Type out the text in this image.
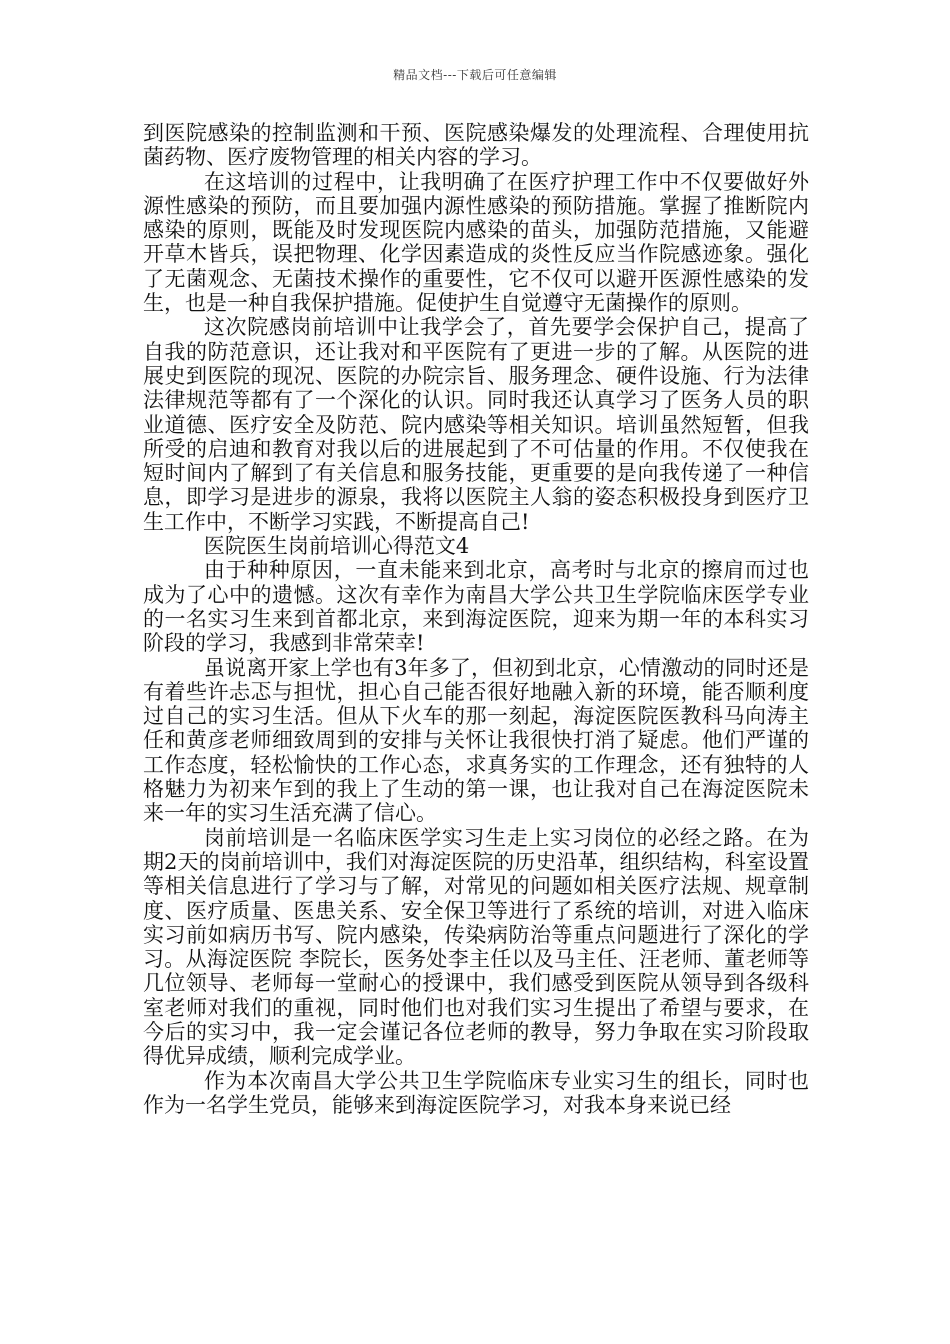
精品文档---下载后可任意编辑

到医院感染的控制监测和干预、医院感染爆发的处理流程、合理使用抗菌药物、医疗废物管理的相关内容的学习。

在这培训的过程中，让我明确了在医疗护理工作中不仅要做好外源性感染的预防，而且要加强内源性感染的预防措施。掌握了推断院内感染的原则，既能及时发现医院内感染的苗头，加强防范措施，又能避开草木皆兵，误把物理、化学因素造成的炎性反应当作院感迹象。强化了无菌观念、无菌技术操作的重要性，它不仅可以避开医源性感染的发生，也是一种自我保护措施。促使护生自觉遵守无菌操作的原则。

这次院感岗前培训中让我学会了，首先要学会保护自己，提高了自我的防范意识，还让我对和平医院有了更进一步的了解。从医院的进展史到医院的现况、医院的办院宗旨、服务理念、硬件设施、行为法律法律规范等都有了一个深化的认识。同时我还认真学习了医务人员的职业道德、医疗安全及防范、院内感染等相关知识。培训虽然短暂，但我所受的启迪和教育对我以后的进展起到了不可估量的作用。不仅使我在短时间内了解到了有关信息和服务技能，更重要的是向我传递了一种信息，即学习是进步的源泉，我将以医院主人翁的姿态积极投身到医疗卫生工作中，不断学习实践，不断提高自己!

医院医生岗前培训心得范文4

由于种种原因，一直未能来到北京，高考时与北京的擦肩而过也成为了心中的遗憾。这次有幸作为南昌大学公共卫生学院临床医学专业的一名实习生来到首都北京，来到海淀医院，迎来为期一年的本科实习阶段的学习，我感到非常荣幸!

虽说离开家上学也有3年多了，但初到北京，心情激动的同时还是有着些许忐忑与担忧，担心自己能否很好地融入新的环境，能否顺利度过自己的实习生活。但从下火车的那一刻起，海淀医院医教科马向涛主任和黄彦老师细致周到的安排与关怀让我很快打消了疑虑。他们严谨的工作态度，轻松愉快的工作心态，求真务实的工作理念，还有独特的人格魅力为初来乍到的我上了生动的第一课，也让我对自己在海淀医院未来一年的实习生活充满了信心。

岗前培训是一名临床医学实习生走上实习岗位的必经之路。在为期2天的岗前培训中，我们对海淀医院的历史沿革，组织结构，科室设置等相关信息进行了学习与了解，对常见的问题如相关医疗法规、规章制度、医疗质量、医患关系、安全保卫等进行了系统的培训，对进入临床实习前如病历书写、院内感染，传染病防治等重点问题进行了深化的学习。从海淀医院 李院长，医务处李主任以及马主任、汪老师、董老师等几位领导、老师每一堂耐心的授课中，我们感受到医院从领导到各级科室老师对我们的重视，同时他们也对我们实习生提出了希望与要求，在今后的实习中，我一定会谨记各位老师的教导，努力争取在实习阶段取得优异成绩，顺利完成学业。

作为本次南昌大学公共卫生学院临床专业实习生的组长，同时也作为一名学生党员，能够来到海淀医院学习，对我本身来说已经
